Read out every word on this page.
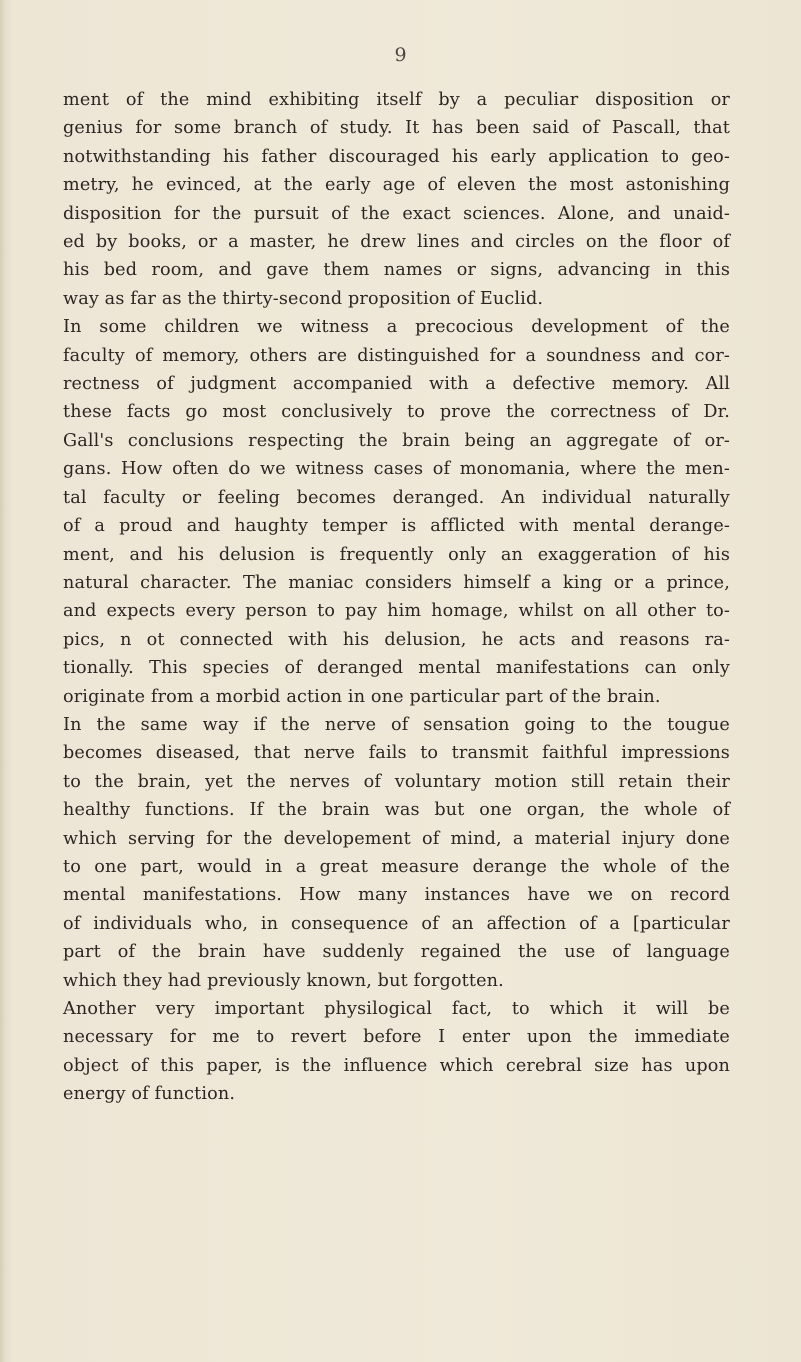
9

ment of the mind exhibiting itself by a peculiar disposition or

genius for some branch of study. It has been said of Pascall, that

notwithstanding his father discouraged his early application to geo-

metry, he evinced, at the early age of eleven the most astonishing

disposition for the pursuit of the exact sciences. Alone, and unaid-

ed by books, or a master, he drew lines and circles on the floor of

his bed room, and gave them names or signs, advancing in this

way as far as the thirty-second proposition of Euclid.

In some children we witness a precocious development of the

faculty of memory, others are distinguished for a soundness and cor-

rectness of judgment accompanied with a defective memory. All

these facts go most conclusively to prove the correctness of Dr.

Gall's conclusions respecting the brain being an aggregate of or-

gans. How often do we witness cases of monomania, where the men-

tal faculty or feeling becomes deranged. An individual naturally

of a proud and haughty temper is afflicted with mental derange-

ment, and his delusion is frequently only an exaggeration of his

natural character. The maniac considers himself a king or a prince,

and expects every person to pay him homage, whilst on all other to-

pics, n ot connected with his delusion, he acts and reasons ra-

tionally. This species of deranged mental manifestations can only

originate from a morbid action in one particular part of the brain.

In the same way if the nerve of sensation going to the tougue

becomes diseased, that nerve fails to transmit faithful impressions

to the brain, yet the nerves of voluntary motion still retain their

healthy functions. If the brain was but one organ, the whole of

which serving for the developement of mind, a material injury done

to one part, would in a great measure derange the whole of the

mental manifestations. How many instances have we on record

of individuals who, in consequence of an affection of a [particular

part of the brain have suddenly regained the use of language

which they had previously known, but forgotten.

Another very important physilogical fact, to which it will be

necessary for me to revert before I enter upon the immediate

object of this paper, is the influence which cerebral size has upon

energy of function.
